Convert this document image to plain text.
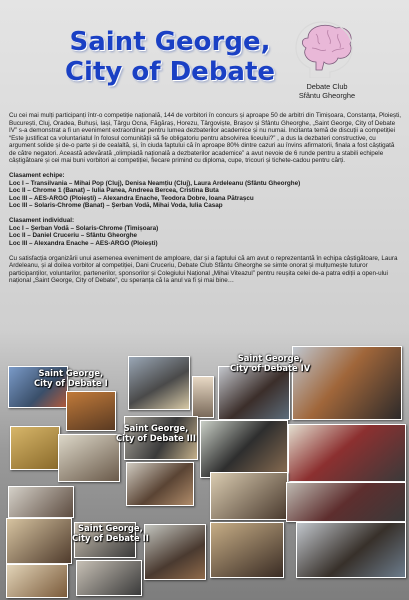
Saint George,
City of Debate	Debate Club
Sfântu Gheorghe

Cu cei mai mulți participanți într-o competiție națională, 144 de vorbitori în concurs și aproape 50 de arbitri din Timișoara, Constanța, Ploiești, București, Cluj, Oradea, Buhuși, Iași, Târgu Ocna, Făgăraș, Horezu, Târgoviște, Brașov și Sfântu Gheorghe, „Saint George, City of Debate IV” s-a demonstrat a fi un eveniment extraordinar pentru lumea dezbaterilor academice și nu numai. Incitanta temă de discuții a competiției “Este justificat ca voluntariatul în folosul comunității să fie obligatoriu pentru absolvirea liceului?” , a dus la dezbateri constructive, cu argument solide și de-o parte și de cealaltă, și, în ciuda faptului că în aproape 80% dintre cazuri au învins afirmatorii, finala a fost câștigată de către negatori. Această adevărată „olimpiadă națională a dezbaterilor academice” a avut nevoie de 6 runde pentru a stabili echipele câștigătoare și cei mai buni vorbitori ai competiției, fiecare primind cu diploma, cupe, tricouri și tichete-cadou pentru cărți.

Clasament echipe:

Loc I – Transilvania – Mihai Pop (Cluj), Denisa Neamțiu (Cluj), Laura Ardeleanu (Sfântu Gheorghe)

Loc II – Chrome 1 (Banat) – Iulia Panea, Andreea Bercea, Cristina Buta

Loc III – AES-ARGO (Ploiești) – Alexandra Enache, Teodora Dobre, Ioana Pătrașcu

Loc III – Solaris-Chrome (Banat) – Șerban Vodă, Mihai Voda, Iulia Casap

Clasament individual:

Loc I – Șerban Vodă – Solaris-Chrome (Timișoara)

Loc II – Daniel Cruceriu – Sfântu Gheorghe

Loc III – Alexandra Enache – AES-ARGO (Ploiești)

Cu satisfacția organizării unui asemenea eveniment de amploare, dar și a faptului că am avut o reprezentantă în echipa câștigătoare, Laura Ardeleanu, și al doilea vorbitor al competiției, Dani Cruceriu, Debate Club Sfântu Gheorghe se simte onorat și mulțumește tuturor participanților, voluntarilor, partenerilor, sponsorilor și Colegiului Național „Mihai Viteazul” pentru reușita celei de-a patra ediții a open-ului național „Saint George, City of Debate”, cu speranța că la anul va fi și mai bine…

Saint George,
City of Debate I
Saint George,
City of Debate IV
Saint George,
City of Debate III
Saint George,
City of Debate II
